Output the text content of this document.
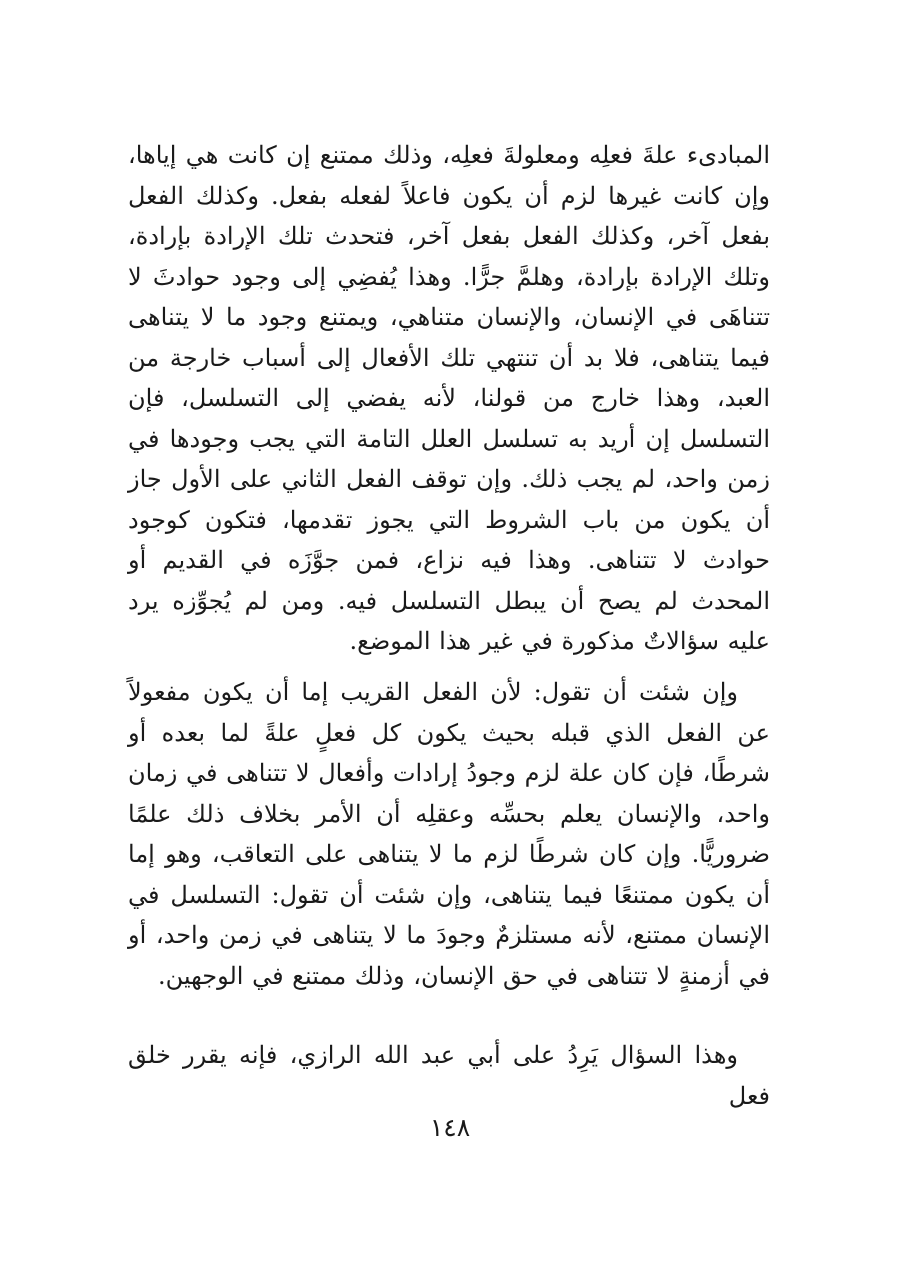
المبادىء علةَ فعلِه ومعلولةَ فعلِه، وذلك ممتنع إن كانت هي إياها، وإن كانت غيرها لزم أن يكون فاعلاً لفعله بفعل. وكذلك الفعل بفعل آخر، وكذلك الفعل بفعل آخر، فتحدث تلك الإرادة بإرادة، وتلك الإرادة بإرادة، وهلمَّ جرًّا. وهذا يُفضِي إلى وجود حوادثَ لا تتناهَى في الإنسان، والإنسان متناهي، ويمتنع وجود ما لا يتناهى فيما يتناهى، فلا بد أن تنتهي تلك الأفعال إلى أسباب خارجة من العبد، وهذا خارج من قولنا، لأنه يفضي إلى التسلسل، فإن التسلسل إن أريد به تسلسل العلل التامة التي يجب وجودها في زمن واحد، لم يجب ذلك. وإن توقف الفعل الثاني على الأول جاز أن يكون من باب الشروط التي يجوز تقدمها، فتكون كوجود حوادث لا تتناهى. وهذا فيه نزاع، فمن جوَّزَه في القديم أو المحدث لم يصح أن يبطل التسلسل فيه. ومن لم يُجوِّزه يرد عليه سؤالاتٌ مذكورة في غير هذا الموضع.

وإن شئت أن تقول: لأن الفعل القريب إما أن يكون مفعولاً عن الفعل الذي قبله بحيث يكون كل فعلٍ علةً لما بعده أو شرطًا، فإن كان علة لزم وجودُ إرادات وأفعال لا تتناهى في زمان واحد، والإنسان يعلم بحسِّه وعقلِه أن الأمر بخلاف ذلك علمًا ضروريًّا. وإن كان شرطًا لزم ما لا يتناهى على التعاقب، وهو إما أن يكون ممتنعًا فيما يتناهى، وإن شئت أن تقول: التسلسل في الإنسان ممتنع، لأنه مستلزمٌ وجودَ ما لا يتناهى في زمن واحد، أو في أزمنةٍ لا تتناهى في حق الإنسان، وذلك ممتنع في الوجهين.

وهذا السؤال يَرِدُ على أبي عبد الله الرازي، فإنه يقرر خلق فعل

١٤٨
